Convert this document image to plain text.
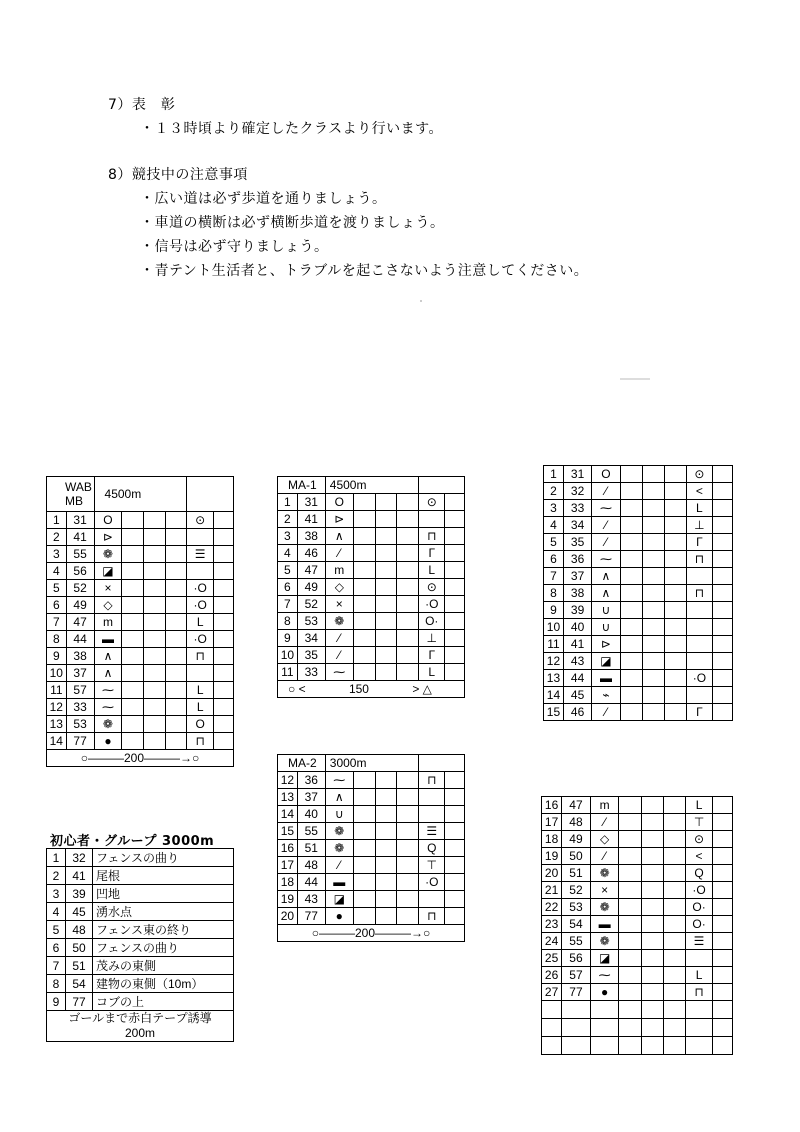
7）表　彰
・ １３時頃より確定したクラスより行います。
8）競技中の注意事項
・ 広い道は必ず歩道を通りましょう。
・ 車道の横断は必ず横断歩道を渡りましょう。
・ 信号は必ず守りましょう。
・ 青テント生活者と、トラブルを起こさないよう注意してください。
WAB
MB		4500m					
1	31	O				⊙	
2	41	⊳					
3	55	❁				☰	
4	56	◪					
5	52	×				·O	
6	49	◇				·O	
7	47	m				L	
8	44	▬				·O	
9	38	∧				⊓	
10	37	∧					
11	57	⁓				L	
12	33	⁓				L	
13	53	❁				O	
14	77	●				⊓	
○———200———→○							
MA-1		4500m					
1	31	O				⊙	
2	41	⊳					
3	38	∧				⊓	
4	46	⁄				Г	
5	47	m				L	
6	49	◇				⊙	
7	52	×				·O	
8	53	❁				O·	
9	34	⁄				⊥	
10	35	⁄				Г	
11	33	⁓				L	
○ < 150 > △							
MA-2		3000m					
12	36	⁓				⊓	
13	37	∧					
14	40	∪					
15	55	❁				☰	
16	51	❁				Q	
17	48	⁄				⊤	
18	44	▬				·O	
19	43	◪					
20	77	●				⊓	
○———200———→○							
初心者・グループ 3000m
1	32	フェンスの曲り
2	41	尾根
3	39	凹地
4	45	湧水点
5	48	フェンス東の終り
6	50	フェンスの曲り
7	51	茂みの東側
8	54	建物の東側（10m）
9	77	コブの上
ゴールまで赤白テープ誘導
200m		
1	31	O				⊙	
2	32	⁄				<	
3	33	⁓				L	
4	34	⁄				⊥	
5	35	⁄				Г	
6	36	⁓				⊓	
7	37	∧					
8	38	∧				⊓	
9	39	∪					
10	40	∪					
11	41	⊳					
12	43	◪					
13	44	▬				·O	
14	45	⌁					
15	46	⁄				Г	
16	47	m				L	
17	48	⁄				⊤	
18	49	◇				⊙	
19	50	⁄				<	
20	51	❁				Q	
21	52	×				·O	
22	53	❁				O·	
23	54	▬				O·	
24	55	❁				☰	
25	56	◪					
26	57	⁓				L	
27	77	●				⊓	
